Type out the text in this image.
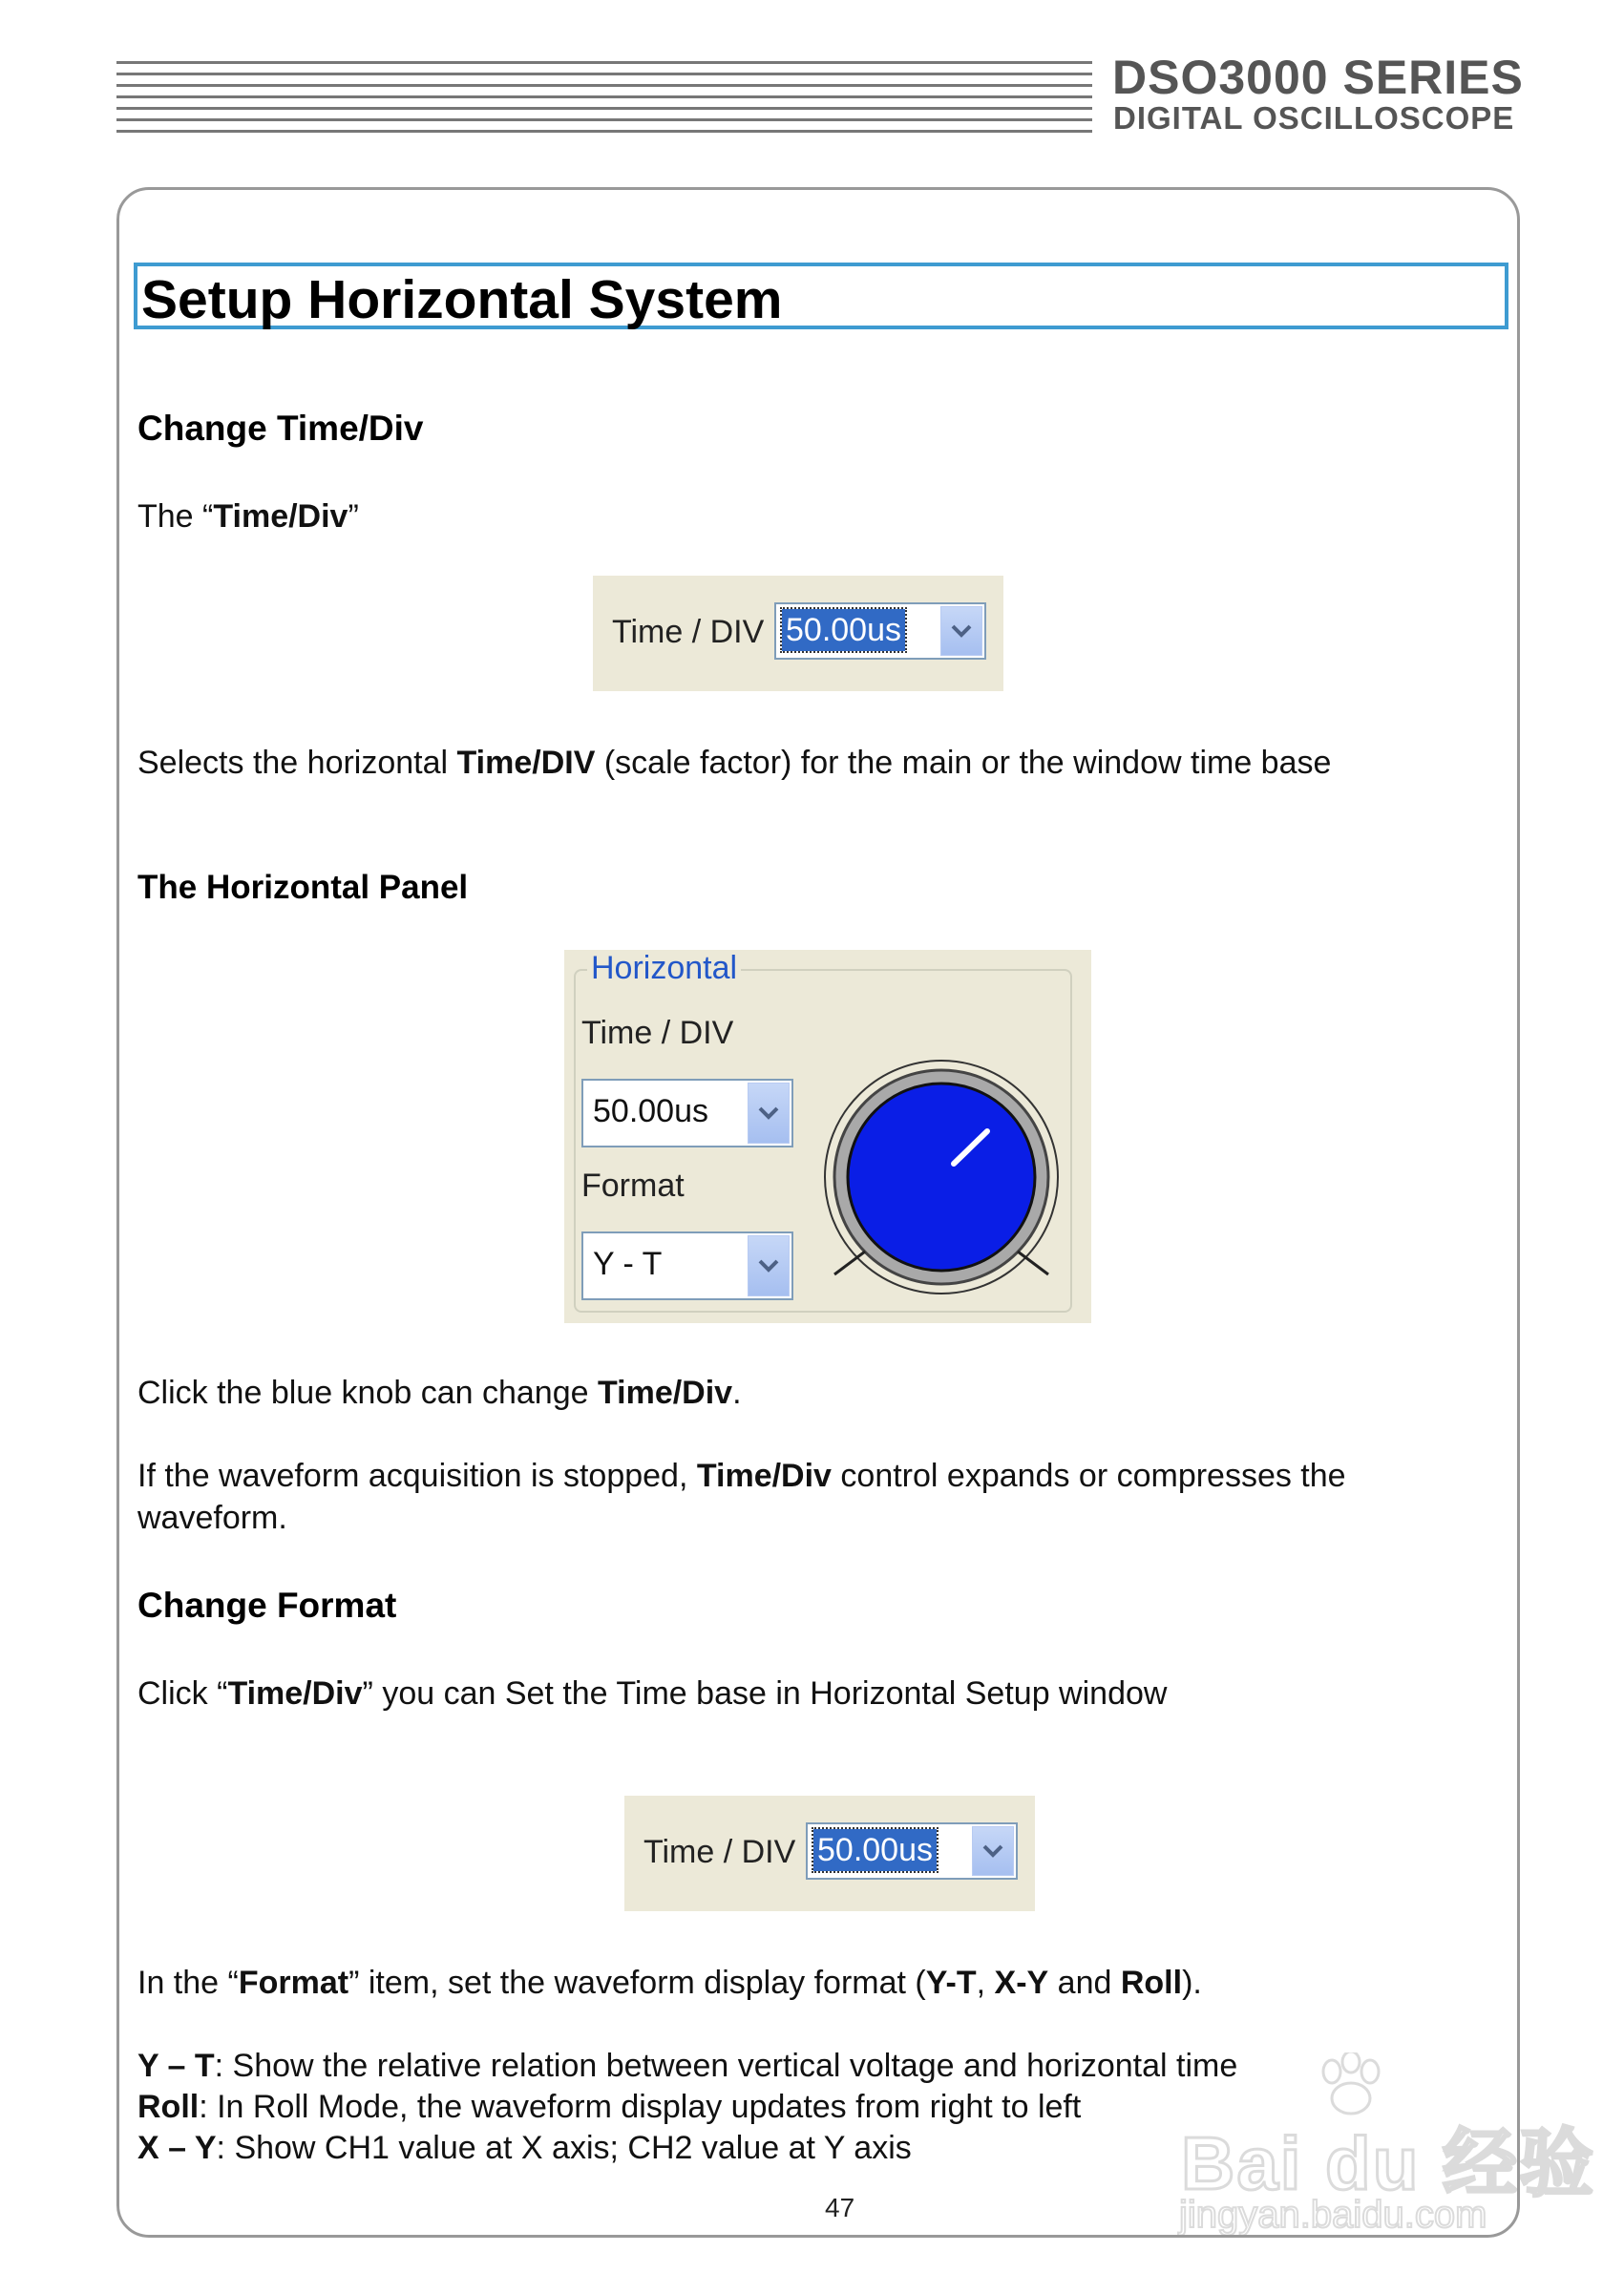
DSO3000 SERIES
DIGITAL OSCILLOSCOPE
Setup Horizontal System
Change Time/Div
The “Time/Div”
Time / DIV 50.00us
Selects the horizontal Time/DIV (scale factor) for the main or the window time base
The Horizontal Panel
Horizontal
Time / DIV
50.00us
Format
Y - T
Click the blue knob can change Time/Div.
If the waveform acquisition is stopped, Time/Div control expands or compresses the
waveform.
Change Format
Click “Time/Div” you can Set the Time base in Horizontal Setup window
Time / DIV 50.00us
In the “Format” item, set the waveform display format (Y-T, X-Y and Roll).
Y – T: Show the relative relation between vertical voltage and horizontal time
Roll: In Roll Mode, the waveform display updates from right to left
X – Y: Show CH1 value at X axis; CH2 value at Y axis
47
Bai du 经验
jingyan.baidu.com
